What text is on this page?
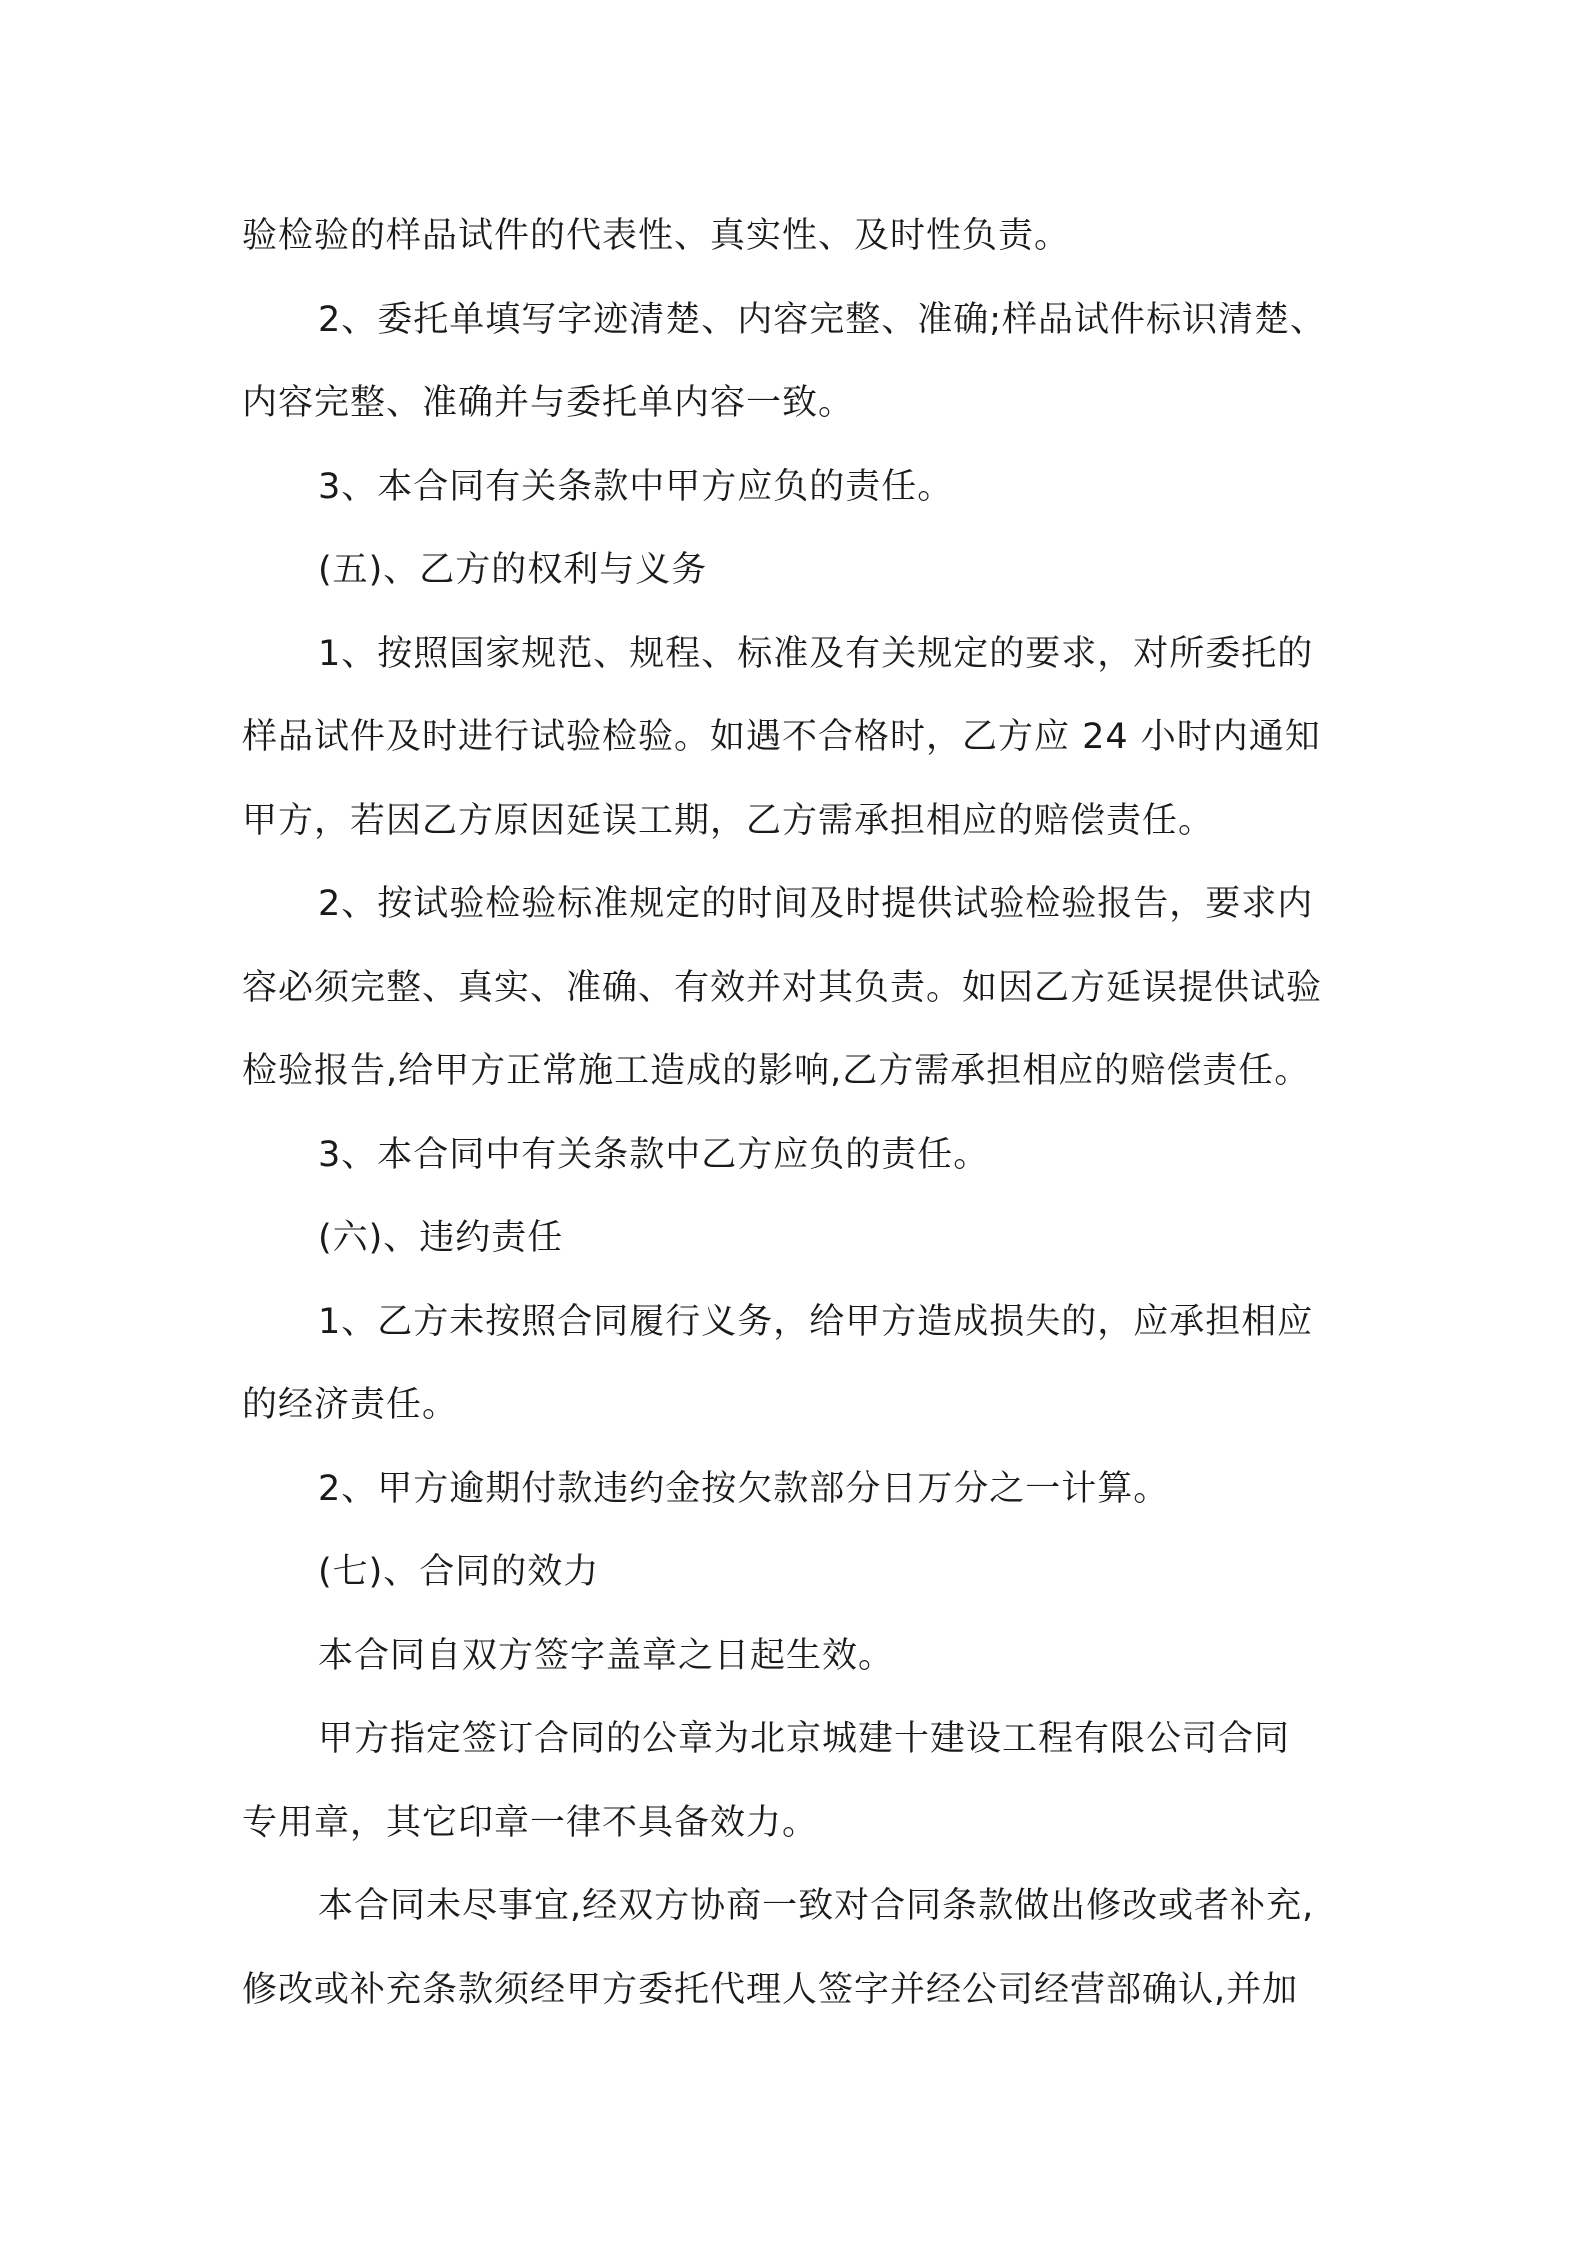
验检验的样品试件的代表性、真实性、及时性负责。
2、委托单填写字迹清楚、内容完整、准确;样品试件标识清楚、
内容完整、准确并与委托单内容一致。
3、本合同有关条款中甲方应负的责任。
(五)、乙方的权利与义务
1、按照国家规范、规程、标准及有关规定的要求，对所委托的
样品试件及时进行试验检验。如遇不合格时，乙方应 24 小时内通知
甲方，若因乙方原因延误工期，乙方需承担相应的赔偿责任。
2、按试验检验标准规定的时间及时提供试验检验报告，要求内
容必须完整、真实、准确、有效并对其负责。如因乙方延误提供试验
检验报告,给甲方正常施工造成的影响,乙方需承担相应的赔偿责任。
3、本合同中有关条款中乙方应负的责任。
(六)、违约责任
1、乙方未按照合同履行义务，给甲方造成损失的，应承担相应
的经济责任。
2、甲方逾期付款违约金按欠款部分日万分之一计算。
(七)、合同的效力
本合同自双方签字盖章之日起生效。
甲方指定签订合同的公章为北京城建十建设工程有限公司合同
专用章，其它印章一律不具备效力。
本合同未尽事宜,经双方协商一致对合同条款做出修改或者补充,
修改或补充条款须经甲方委托代理人签字并经公司经营部确认,并加
